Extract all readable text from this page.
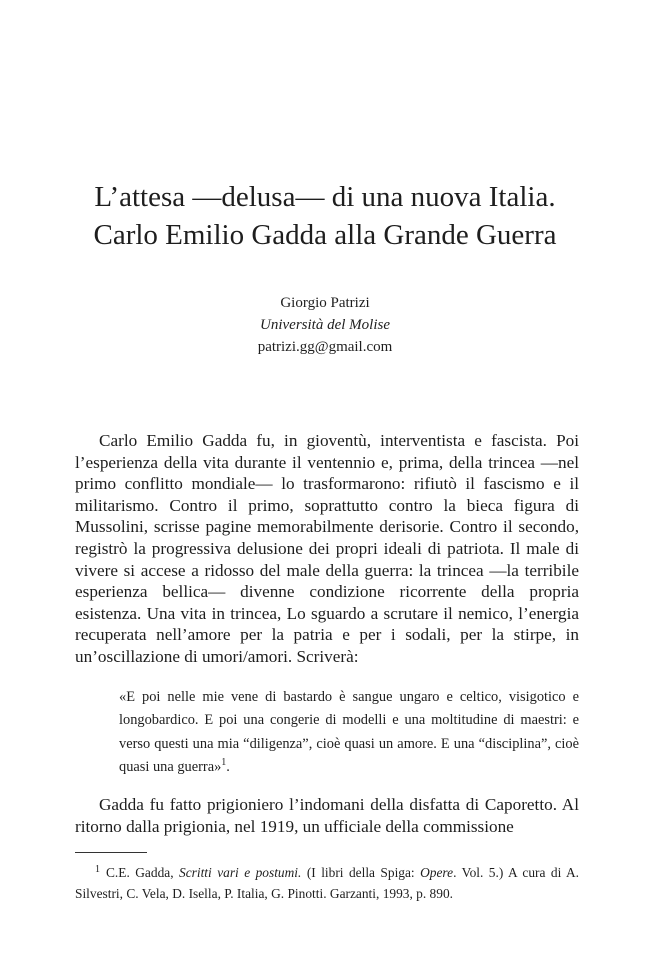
L’attesa —delusa— di una nuova Italia.
Carlo Emilio Gadda alla Grande Guerra
Giorgio Patrizi
Università del Molise
patrizi.gg@gmail.com

Carlo Emilio Gadda fu, in gioventù, interventista e fascista. Poi l’esperienza della vita durante il ventennio e, prima, della trincea —nel primo conflitto mondiale— lo trasformarono: rifiutò il fascismo e il militarismo. Contro il primo, soprattutto contro la bieca figura di Mussolini, scrisse pagine memorabilmente derisorie. Contro il secondo, registrò la progressiva delusione dei propri ideali di patriota. Il male di vivere si accese a ridosso del male della guerra: la trincea —la terribile esperienza bellica— divenne condizione ricorrente della propria esistenza. Una vita in trincea, Lo sguardo a scrutare il nemico, l’energia recuperata nell’amore per la patria e per i sodali, per la stirpe, in un’oscillazione di umori/amori. Scriverà:

«E poi nelle mie vene di bastardo è sangue ungaro e celtico, visigotico e longobardico. E poi una congerie di modelli e una moltitudine di maestri: e verso questi una mia “diligenza”, cioè quasi un amore. E una “disciplina”, cioè quasi una guerra»$^1$.

Gadda fu fatto prigioniero l’indomani della disfatta di Caporetto. Al ritorno dalla prigionia, nel 1919, un ufficiale della commissione

$^1$ C.E. Gadda, Scritti vari e postumi. (I libri della Spiga: Opere. Vol. 5.) A cura di A. Silvestri, C. Vela, D. Isella, P. Italia, G. Pinotti. Garzanti, 1993, p. 890.
